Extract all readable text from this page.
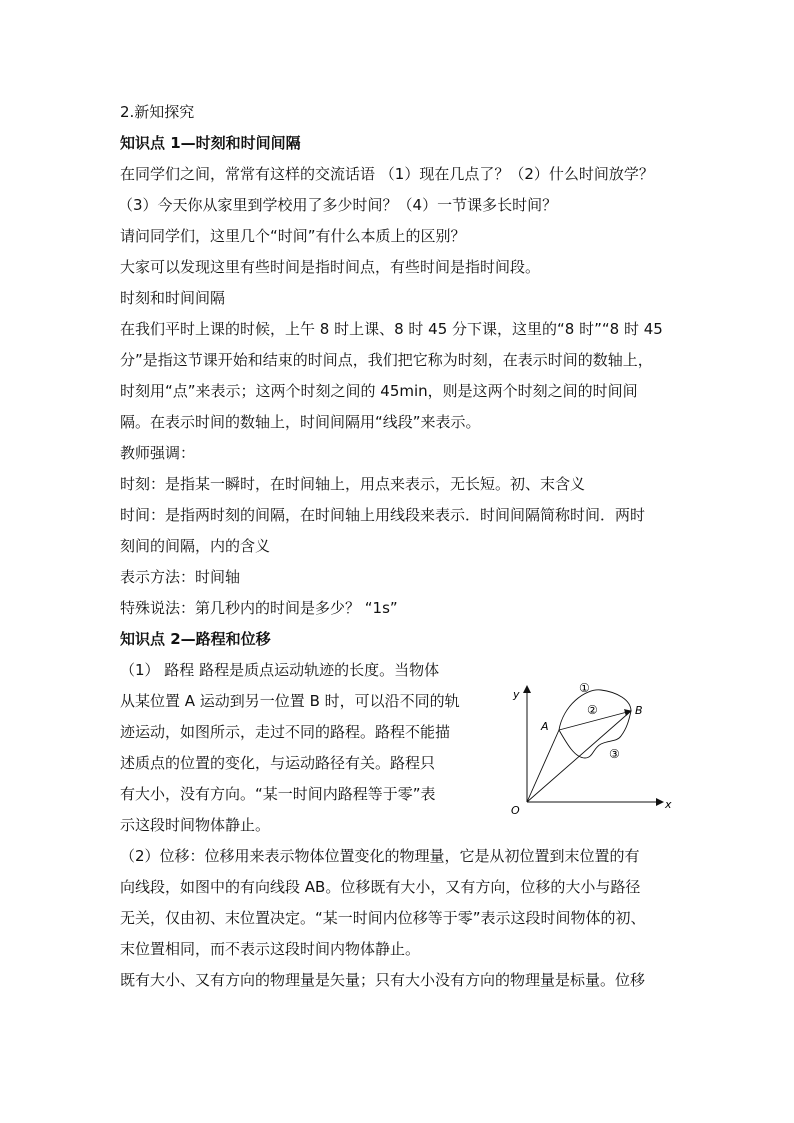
2.新知探究
知识点 1—时刻和时间间隔
在同学们之间，常常有这样的交流话语 （1）现在几点了？（2）什么时间放学？
（3）今天你从家里到学校用了多少时间？（4）一节课多长时间？
请问同学们，这里几个“时间”有什么本质上的区别？
大家可以发现这里有些时间是指时间点，有些时间是指时间段。
时刻和时间间隔
在我们平时上课的时候，上午 8 时上课、8 时 45 分下课，这里的“8 时”“8 时 45
分”是指这节课开始和结束的时间点，我们把它称为时刻，在表示时间的数轴上，
时刻用“点”来表示；这两个时刻之间的 45min，则是这两个时刻之间的时间间
隔。在表示时间的数轴上，时间间隔用“线段”来表示。
教师强调：
时刻：是指某一瞬时，在时间轴上，用点来表示，无长短。初、末含义
时间：是指两时刻的间隔，在时间轴上用线段来表示．时间间隔简称时间．两时
刻间的间隔，内的含义
表示方法：时间轴
特殊说法：第几秒内的时间是多少？ “1s”
知识点 2—路程和位移
（1） 路程 路程是质点运动轨迹的长度。当物体
从某位置 A 运动到另一位置 B 时，可以沿不同的轨
迹运动，如图所示，走过不同的路程。路程不能描
述质点的位置的变化，与运动路径有关。路程只
有大小，没有方向。“某一时间内路程等于零”表
示这段时间物体静止。
（2）位移：位移用来表示物体位置变化的物理量，它是从初位置到末位置的有
向线段，如图中的有向线段 AB。位移既有大小，又有方向，位移的大小与路径
无关，仅由初、末位置决定。“某一时间内位移等于零”表示这段时间物体的初、
末位置相同，而不表示这段时间内物体静止。
既有大小、又有方向的物理量是矢量；只有大小没有方向的物理量是标量。位移
y
x
O
A
B
①
②
③
